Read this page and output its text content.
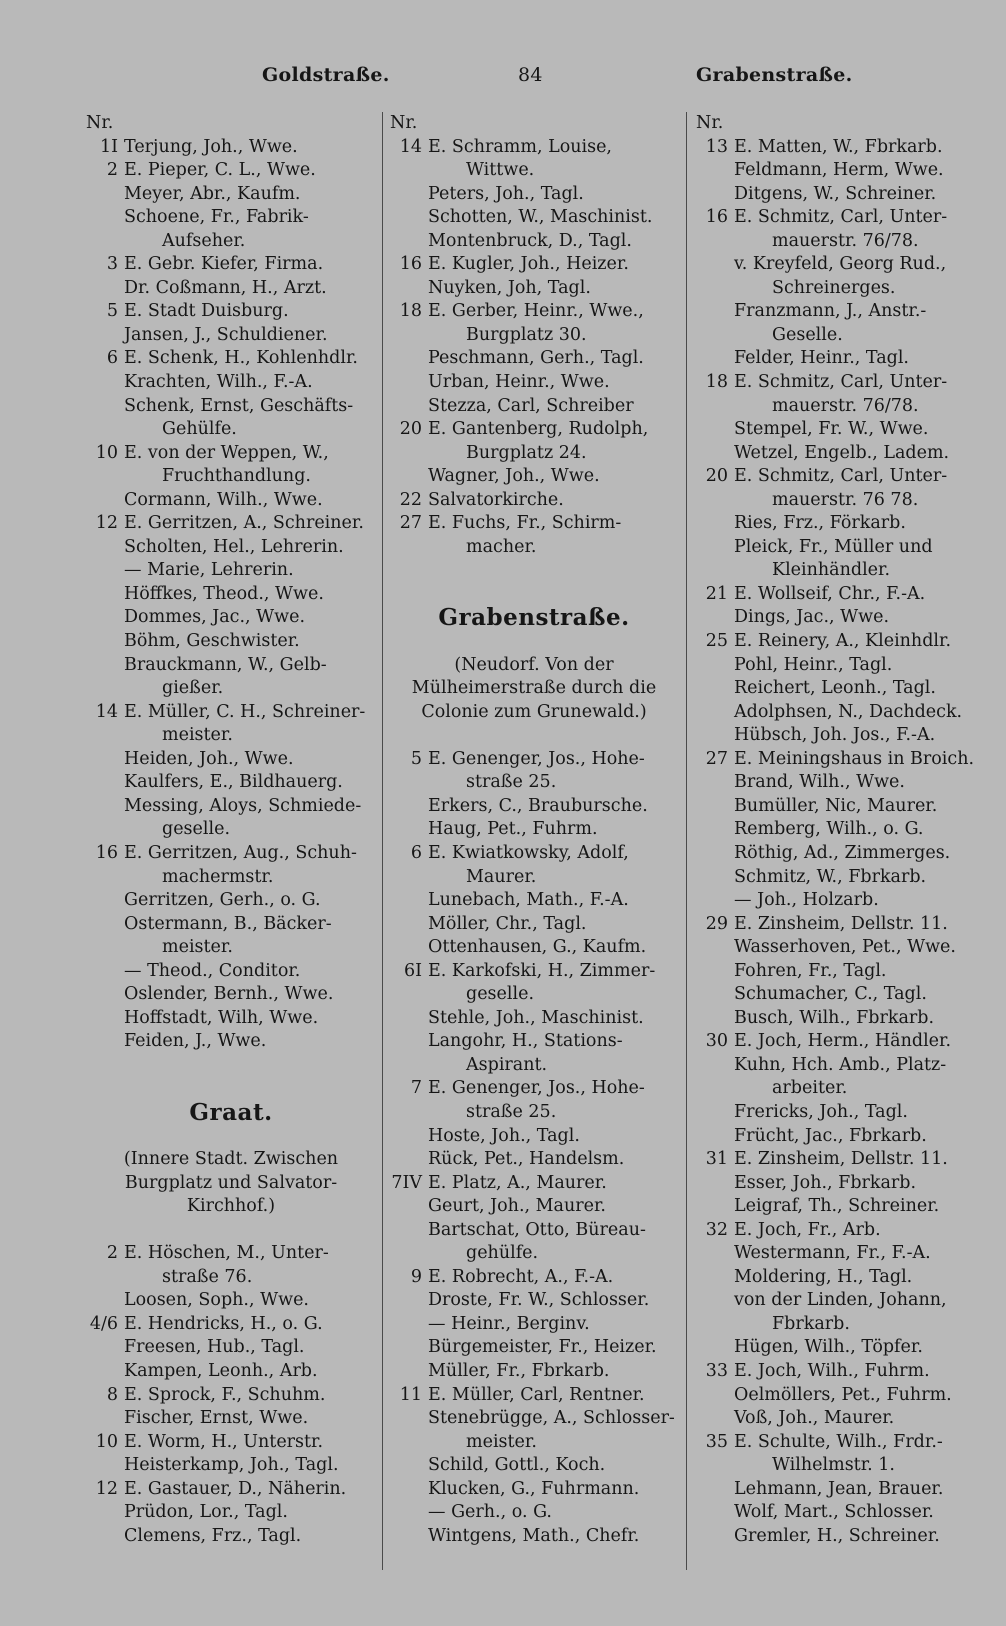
Goldstraße.	84	Grabenstraße.
Nr.
1I Terjung, Joh., Wwe.
2 E. Pieper, C. L., Wwe.
Meyer, Abr., Kaufm.
Schoene, Fr., Fabrik-
Aufseher.
3 E. Gebr. Kiefer, Firma.
Dr. Coßmann, H., Arzt.
5 E. Stadt Duisburg.
Jansen, J., Schuldiener.
6 E. Schenk, H., Kohlenhdlr.
Krachten, Wilh., F.-A.
Schenk, Ernst, Geschäfts-
Gehülfe.
10 E. von der Weppen, W.,
Fruchthandlung.
Cormann, Wilh., Wwe.
12 E. Gerritzen, A., Schreiner.
Scholten, Hel., Lehrerin.
— Marie, Lehrerin.
Höffkes, Theod., Wwe.
Dommes, Jac., Wwe.
Böhm, Geschwister.
Brauckmann, W., Gelb-
gießer.
14 E. Müller, C. H., Schreiner-
meister.
Heiden, Joh., Wwe.
Kaulfers, E., Bildhauerg.
Messing, Aloys, Schmiede-
geselle.
16 E. Gerritzen, Aug., Schuh-
machermstr.
Gerritzen, Gerh., o. G.
Ostermann, B., Bäcker-
meister.
— Theod., Conditor.
Oslender, Bernh., Wwe.
Hoffstadt, Wilh, Wwe.
Feiden, J., Wwe.
Graat.
(Innere Stadt. Zwischen Burgplatz und Salvator-Kirchhof.)
2 E. Höschen, M., Unter-
straße 76.
Loosen, Soph., Wwe.
4/6 E. Hendricks, H., o. G.
Freesen, Hub., Tagl.
Kampen, Leonh., Arb.
8 E. Sprock, F., Schuhm.
Fischer, Ernst, Wwe.
10 E. Worm, H., Unterstr.
Heisterkamp, Joh., Tagl.
12 E. Gastauer, D., Näherin.
Prüdon, Lor., Tagl.
Clemens, Frz., Tagl.
Nr.
14 E. Schramm, Louise,
Wittwe.
Peters, Joh., Tagl.
Schotten, W., Maschinist.
Montenbruck, D., Tagl.
16 E. Kugler, Joh., Heizer.
Nuyken, Joh, Tagl.
18 E. Gerber, Heinr., Wwe.,
Burgplatz 30.
Peschmann, Gerh., Tagl.
Urban, Heinr., Wwe.
Stezza, Carl, Schreiber
20 E. Gantenberg, Rudolph,
Burgplatz 24.
Wagner, Joh., Wwe.
22 Salvatorkirche.
27 E. Fuchs, Fr., Schirm-
macher.
Grabenstraße.
(Neudorf. Von der Mülheimerstraße durch die Colonie zum Grunewald.)
5 E. Genenger, Jos., Hohe-
straße 25.
Erkers, C., Braubursche.
Haug, Pet., Fuhrm.
6 E. Kwiatkowsky, Adolf,
Maurer.
Lunebach, Math., F.-A.
Möller, Chr., Tagl.
Ottenhausen, G., Kaufm.
6I E. Karkofski, H., Zimmer-
geselle.
Stehle, Joh., Maschinist.
Langohr, H., Stations-
Aspirant.
7 E. Genenger, Jos., Hohe-
straße 25.
Hoste, Joh., Tagl.
Rück, Pet., Handelsm.
7IV E. Platz, A., Maurer.
Geurt, Joh., Maurer.
Bartschat, Otto, Büreau-
gehülfe.
9 E. Robrecht, A., F.-A.
Droste, Fr. W., Schlosser.
— Heinr., Berginv.
Bürgemeister, Fr., Heizer.
Müller, Fr., Fbrkarb.
11 E. Müller, Carl, Rentner.
Stenebrügge, A., Schlosser-
meister.
Schild, Gottl., Koch.
Klucken, G., Fuhrmann.
— Gerh., o. G.
Wintgens, Math., Chefr.
Nr.
13 E. Matten, W., Fbrkarb.
Feldmann, Herm, Wwe.
Ditgens, W., Schreiner.
16 E. Schmitz, Carl, Unter-
mauerstr. 76/78.
v. Kreyfeld, Georg Rud.,
Schreinerges.
Franzmann, J., Anstr.-
Geselle.
Felder, Heinr., Tagl.
18 E. Schmitz, Carl, Unter-
mauerstr. 76/78.
Stempel, Fr. W., Wwe.
Wetzel, Engelb., Ladem.
20 E. Schmitz, Carl, Unter-
mauerstr. 76 78.
Ries, Frz., Förkarb.
Pleick, Fr., Müller und
Kleinhändler.
21 E. Wollseif, Chr., F.-A.
Dings, Jac., Wwe.
25 E. Reinery, A., Kleinhdlr.
Pohl, Heinr., Tagl.
Reichert, Leonh., Tagl.
Adolphsen, N., Dachdeck.
Hübsch, Joh. Jos., F.-A.
27 E. Meiningshaus in Broich.
Brand, Wilh., Wwe.
Bumüller, Nic, Maurer.
Remberg, Wilh., o. G.
Röthig, Ad., Zimmerges.
Schmitz, W., Fbrkarb.
— Joh., Holzarb.
29 E. Zinsheim, Dellstr. 11.
Wasserhoven, Pet., Wwe.
Fohren, Fr., Tagl.
Schumacher, C., Tagl.
Busch, Wilh., Fbrkarb.
30 E. Joch, Herm., Händler.
Kuhn, Hch. Amb., Platz-
arbeiter.
Frericks, Joh., Tagl.
Frücht, Jac., Fbrkarb.
31 E. Zinsheim, Dellstr. 11.
Esser, Joh., Fbrkarb.
Leigraf, Th., Schreiner.
32 E. Joch, Fr., Arb.
Westermann, Fr., F.-A.
Moldering, H., Tagl.
von der Linden, Johann,
Fbrkarb.
Hügen, Wilh., Töpfer.
33 E. Joch, Wilh., Fuhrm.
Oelmöllers, Pet., Fuhrm.
Voß, Joh., Maurer.
35 E. Schulte, Wilh., Frdr.-
Wilhelmstr. 1.
Lehmann, Jean, Brauer.
Wolf, Mart., Schlosser.
Gremler, H., Schreiner.
